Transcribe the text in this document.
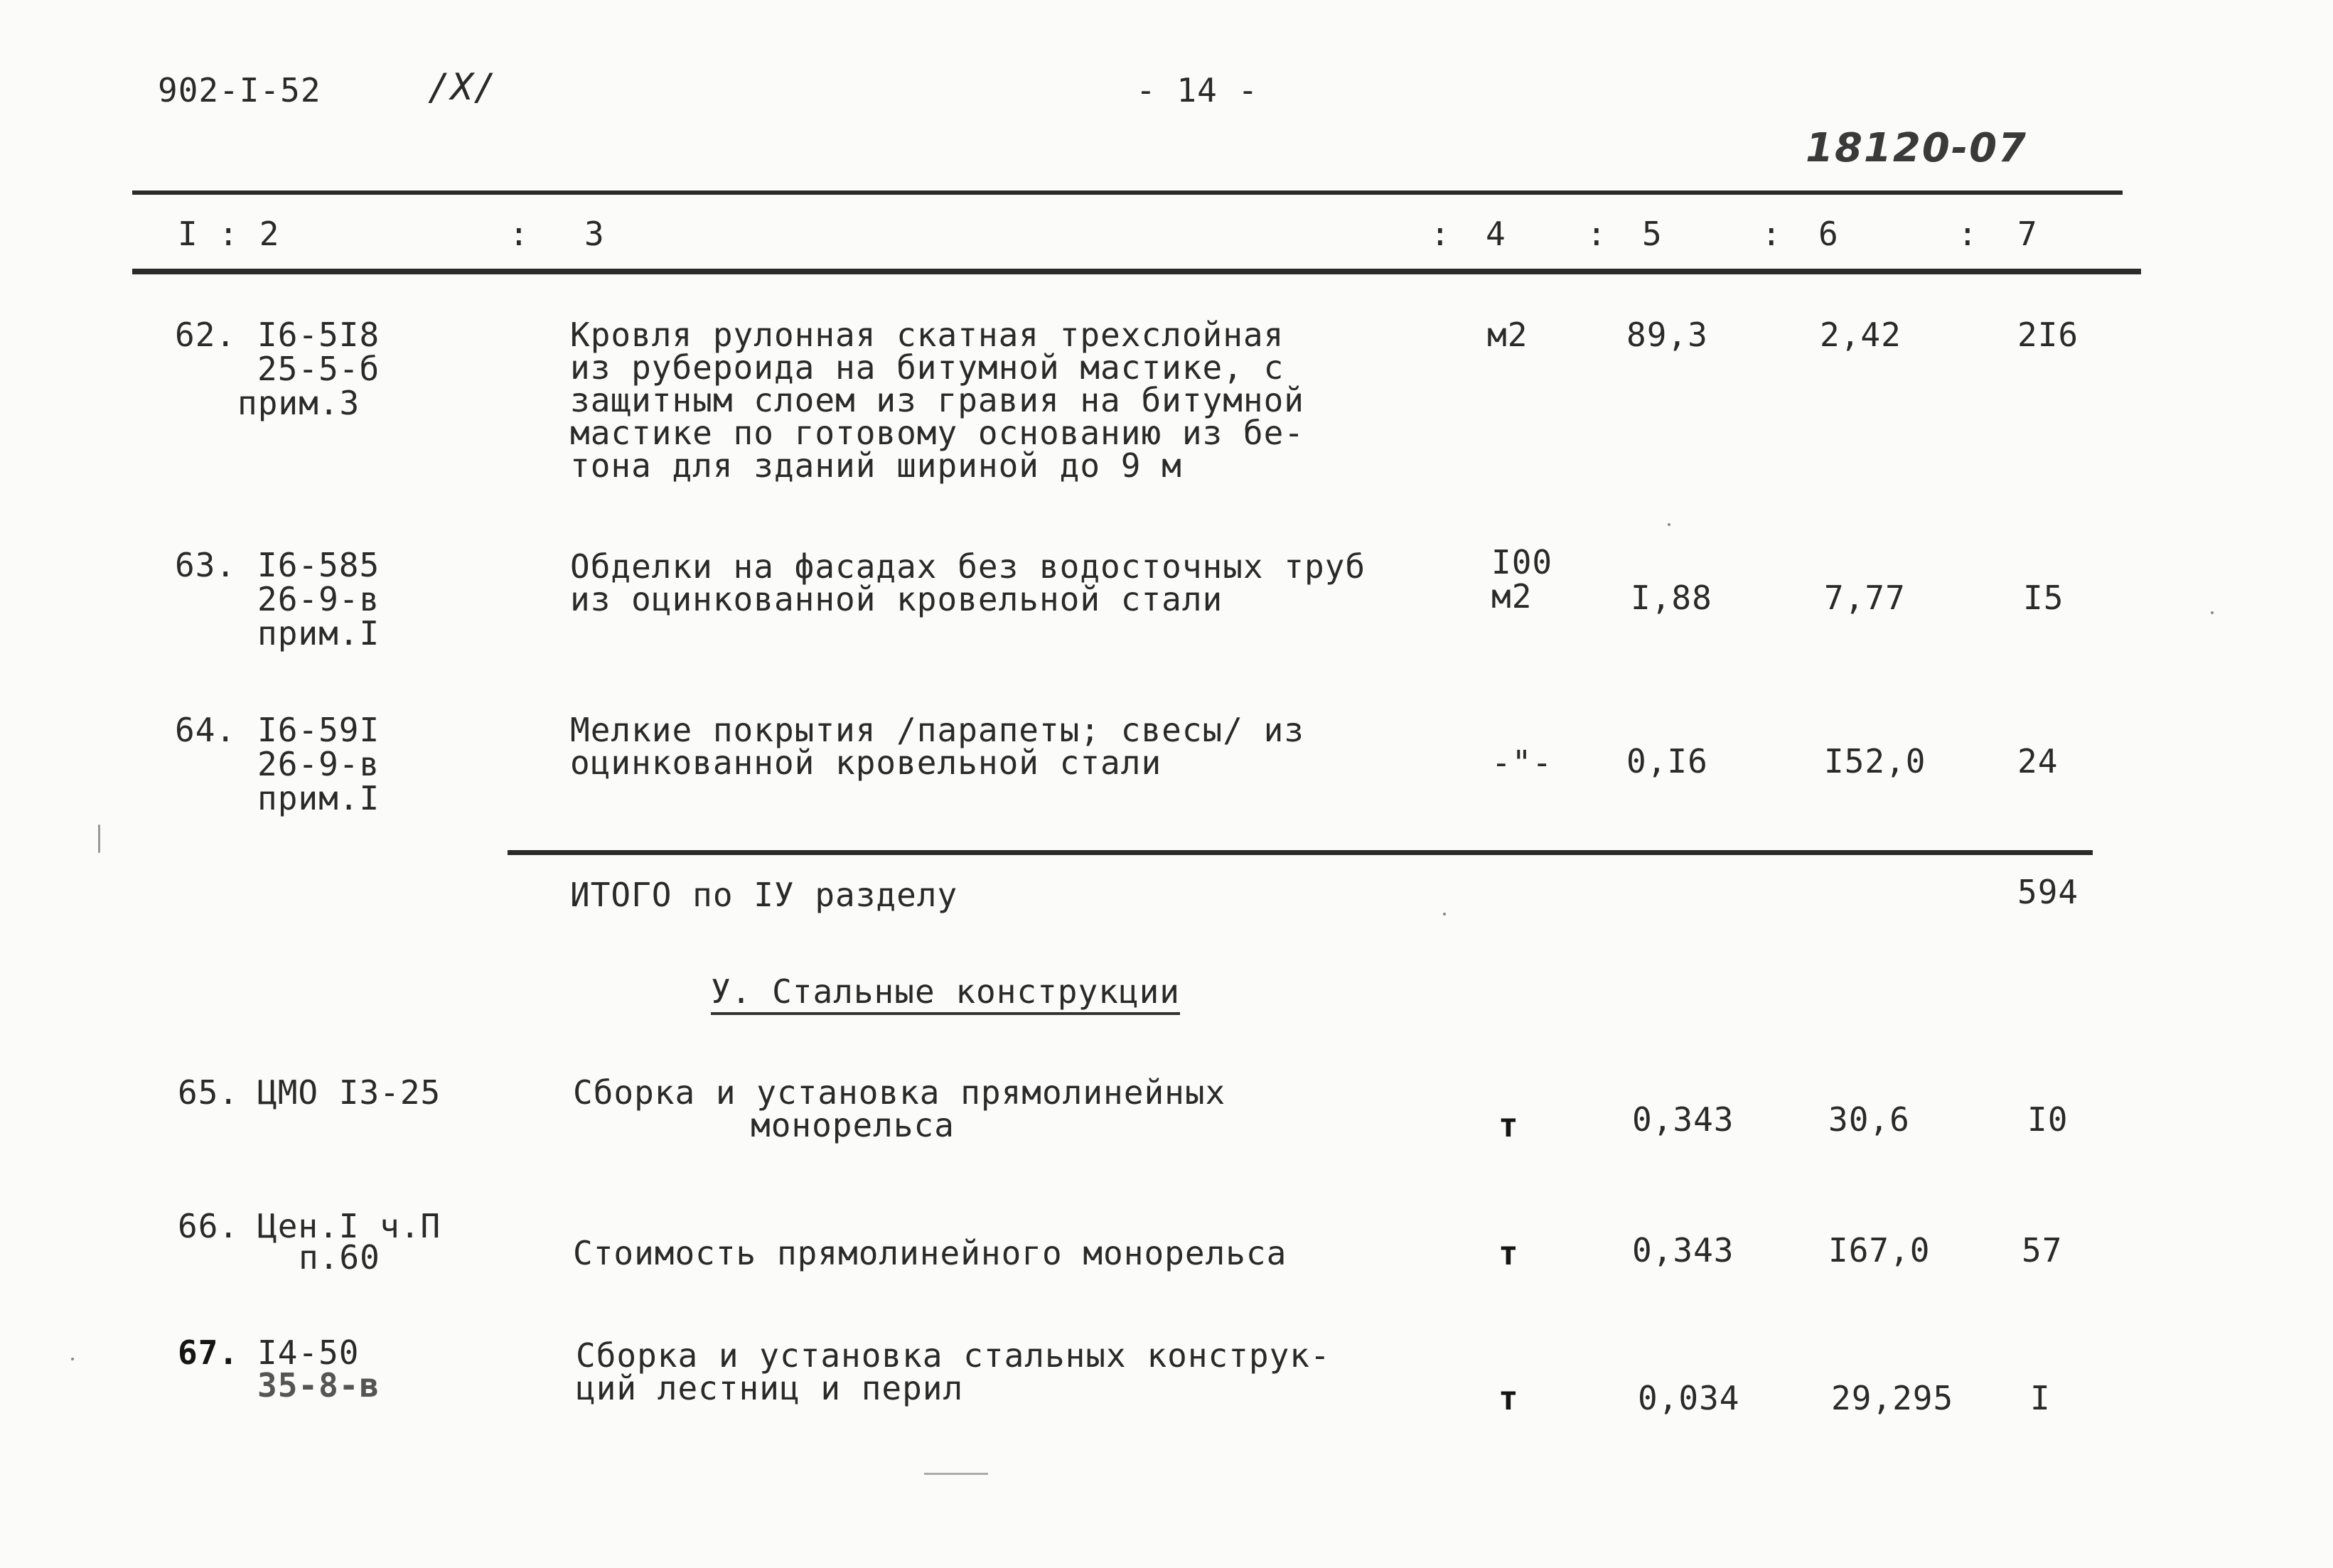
902-I-52	/X/	- 14 -
18120-07
I : 2	: 3	: 4 : 5	: 6	: 7
62. I6-5I8
25-5-б
прим.3
Кровля рулонная скатная трехслойная
из рубероида на битумной мастике, с
защитным слоем из гравия на битумной
мастике по готовому основанию из бе-
тона для зданий шириной до 9 м
м2	89,3	2,42	2I6
63. I6-585
26-9-в
прим.I
Обделки на фасадах без водосточных труб
из оцинкованной кровельной стали
I00
м2	I,88	7,77	I5
64. I6-59I
26-9-в
прим.I
Мелкие покрытия /парапеты; свесы/ из
оцинкованной кровельной стали	-"- 0,I6	I52,0	24
ИТОГО по IУ разделу	594
У. Стальные конструкции
65. ЦМО I3-25	Сборка и установка прямолинейных
монорельса	т	0,343	30,6	I0
66. Цен.I ч.П
п.60	Стоимость прямолинейного монорельса	т	0,343	I67,0	57
67. I4-50
35-8-в
Сборка и установка стальных конструк-
ций лестниц и перил	т	0,034	29,295 I
